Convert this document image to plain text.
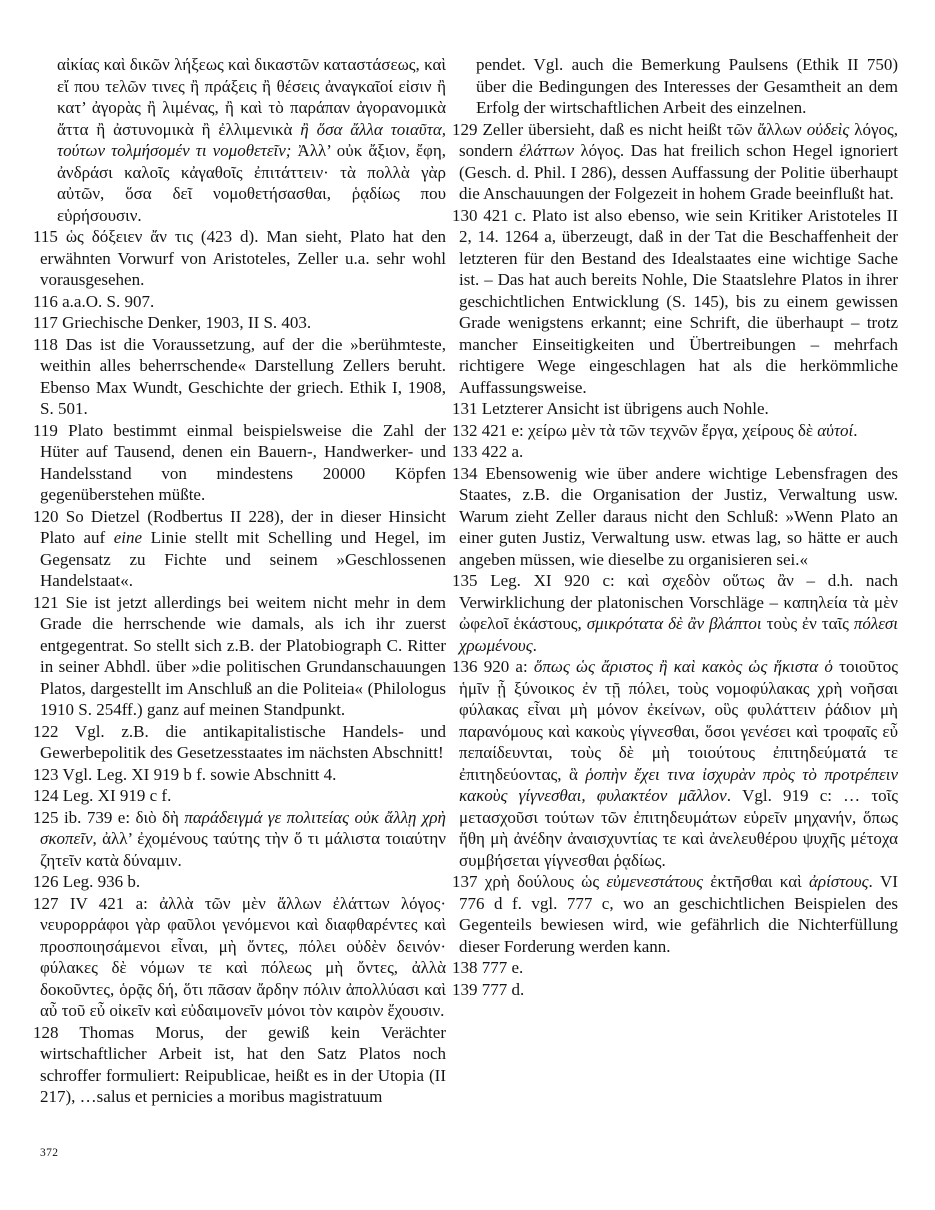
αἰκίας καὶ δικῶν λήξεως καὶ δικαστῶν καταστάσεως, καὶ εἴ που τελῶν τινες ἢ πράξεις ἢ θέσεις ἀναγκαῖοί εἰσιν ἢ κατ’ ἀγορὰς ἢ λιμένας, ἢ καὶ τὸ παράπαν ἀγορανομικὰ ἄττα ἢ ἀστυνομικὰ ἢ ἐλλιμενικὰ ἢ ὅσα ἄλλα τοιαῦτα, τούτων τολμήσομέν τι νομοθετεῖν; Ἀλλ’ οὐκ ἄξιον, ἔφη, ἀνδράσι καλοῖς κἀγαθοῖς ἐπιτάττειν· τὰ πολλὰ γὰρ αὐτῶν, ὅσα δεῖ νομοθετήσασθαι, ῥᾳδίως που εὑρήσουσιν.

115 ὡς δόξειεν ἄν τις (423 d). Man sieht, Plato hat den erwähnten Vorwurf von Aristoteles, Zeller u.a. sehr wohl vorausgesehen.

116 a.a.O. S. 907.

117 Griechische Denker, 1903, II S. 403.

118 Das ist die Voraussetzung, auf der die »berühmteste, weithin alles beherrschende« Darstellung Zellers beruht. Ebenso Max Wundt, Geschichte der griech. Ethik I, 1908, S. 501.

119 Plato bestimmt einmal beispielsweise die Zahl der Hüter auf Tausend, denen ein Bauern-, Handwerker- und Handelsstand von mindestens 20000 Köpfen gegenüberstehen müßte.

120 So Dietzel (Rodbertus II 228), der in dieser Hinsicht Plato auf eine Linie stellt mit Schelling und Hegel, im Gegensatz zu Fichte und seinem »Geschlossenen Handelstaat«.

121 Sie ist jetzt allerdings bei weitem nicht mehr in dem Grade die herrschende wie damals, als ich ihr zuerst entgegentrat. So stellt sich z.B. der Platobiograph C. Ritter in seiner Abhdl. über »die politischen Grundanschauungen Platos, dargestellt im Anschluß an die Politeia« (Philologus 1910 S. 254ff.) ganz auf meinen Standpunkt.

122 Vgl. z.B. die antikapitalistische Handels- und Gewerbepolitik des Gesetzesstaates im nächsten Abschnitt!

123 Vgl. Leg. XI 919 b f. sowie Abschnitt 4.

124 Leg. XI 919 c f.

125 ib. 739 e: διὸ δὴ παράδειγμά γε πολιτείας οὐκ ἄλλῃ χρὴ σκοπεῖν, ἀλλ’ ἐχομένους ταύτης τὴν ὅ τι μάλιστα τοιαύτην ζητεῖν κατὰ δύναμιν.

126 Leg. 936 b.

127 IV 421 a: ἀλλὰ τῶν μὲν ἄλλων ἐλάττων λόγος· νευρορράφοι γὰρ φαῦλοι γενόμενοι καὶ διαφθαρέντες καὶ προσποιησάμενοι εἶναι, μὴ ὄντες, πόλει οὐδὲν δεινόν· φύλακες δὲ νόμων τε καὶ πόλεως μὴ ὄντες, ἀλλὰ δοκοῦντες, ὁρᾷς δή, ὅτι πᾶσαν ἄρδην πόλιν ἀπολλύασι καὶ αὖ τοῦ εὖ οἰκεῖν καὶ εὐδαιμονεῖν μόνοι τὸν καιρὸν ἔχουσιν.

128 Thomas Morus, der gewiß kein Verächter wirtschaftlicher Arbeit ist, hat den Satz Platos noch schroffer formuliert: Reipublicae, heißt es in der Utopia (II 217), …salus et pernicies a moribus magistratuum

pendet. Vgl. auch die Bemerkung Paulsens (Ethik II 750) über die Bedingungen des Interesses der Gesamtheit an dem Erfolg der wirtschaftlichen Arbeit des einzelnen.

129 Zeller übersieht, daß es nicht heißt τῶν ἄλλων οὐδεὶς λόγος, sondern ἐλάττων λόγος. Das hat freilich schon Hegel ignoriert (Gesch. d. Phil. I 286), dessen Auffassung der Politie überhaupt die Anschauungen der Folgezeit in hohem Grade beeinflußt hat.

130 421 c. Plato ist also ebenso, wie sein Kritiker Aristoteles II 2, 14. 1264 a, überzeugt, daß in der Tat die Beschaffenheit der letzteren für den Bestand des Idealstaates eine wichtige Sache ist. – Das hat auch bereits Nohle, Die Staatslehre Platos in ihrer geschichtlichen Entwicklung (S. 145), bis zu einem gewissen Grade wenigstens erkannt; eine Schrift, die überhaupt – trotz mancher Einseitigkeiten und Übertreibungen – mehrfach richtigere Wege eingeschlagen hat als die herkömmliche Auffassungsweise.

131 Letzterer Ansicht ist übrigens auch Nohle.

132 421 e: χείρω μὲν τὰ τῶν τεχνῶν ἔργα, χείρους δὲ αὑτοί.

133 422 a.

134 Ebensowenig wie über andere wichtige Lebensfragen des Staates, z.B. die Organisation der Justiz, Verwaltung usw. Warum zieht Zeller daraus nicht den Schluß: »Wenn Plato an einer guten Justiz, Verwaltung usw. etwas lag, so hätte er auch angeben müssen, wie dieselbe zu organisieren sei.«

135 Leg. XI 920 c: καὶ σχεδὸν οὕτως ἂν – d.h. nach Verwirklichung der platonischen Vorschläge – καπηλεία τὰ μὲν ὠφελοῖ ἑκάστους, σμικρότατα δὲ ἂν βλάπτοι τοὺς ἐν ταῖς πόλεσι χρωμένους.

136 920 a: ὅπως ὡς ἄριστος ἢ καὶ κακὸς ὡς ἥκιστα ὁ τοιοῦτος ἡμῖν ᾖ ξύνοικος ἐν τῇ πόλει, τοὺς νομοφύλακας χρὴ νοῆσαι φύλακας εἶναι μὴ μόνον ἐκείνων, οὓς φυλάττειν ῥάδιον μὴ παρανόμους καὶ κακοὺς γίγνεσθαι, ὅσοι γενέσει καὶ τροφαῖς εὖ πεπαίδευνται, τοὺς δὲ μὴ τοιούτους ἐπιτηδεύματά τε ἐπιτηδεύοντας, ἃ ῥοπὴν ἔχει τινα ἰσχυρὰν πρὸς τὸ προτρέπειν κακοὺς γίγνεσθαι, φυλακτέον μᾶλλον. Vgl. 919 c: … τοῖς μετασχοῦσι τούτων τῶν ἐπιτηδευμάτων εὑρεῖν μηχανήν, ὅπως ἤθη μὴ ἀνέδην ἀναισχυντίας τε καὶ ἀνελευθέρου ψυχῆς μέτοχα συμβήσεται γίγνεσθαι ῥᾳδίως.

137 χρὴ δούλους ὡς εὐμενεστάτους ἐκτῆσθαι καὶ ἀρίστους. VI 776 d f. vgl. 777 c, wo an geschichtlichen Beispielen des Gegenteils bewiesen wird, wie gefährlich die Nichterfüllung dieser Forderung werden kann.

138 777 e.

139 777 d.

372
